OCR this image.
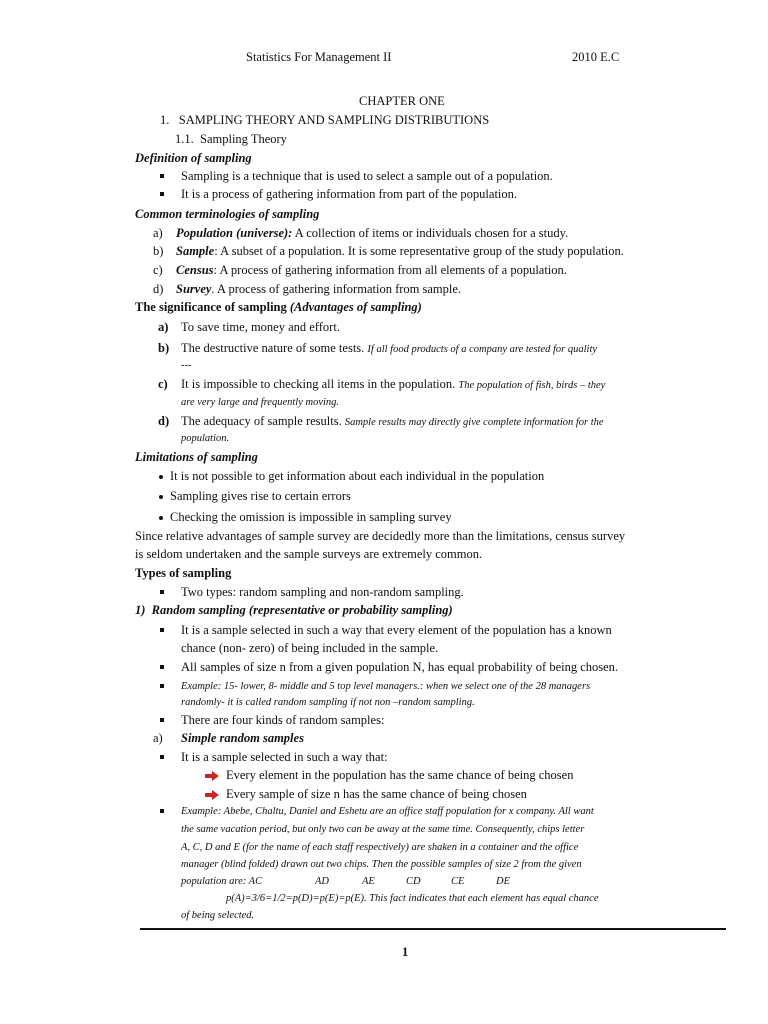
Statistics For Management II	2010 E.C
CHAPTER ONE
1.   SAMPLING THEORY AND SAMPLING DISTRIBUTIONS
1.1.  Sampling Theory
Definition of sampling
Sampling is a technique that is used to select a sample out of a population.
It is a process of gathering information from part of the population.
Common terminologies of sampling
a) Population (universe): A collection of items or individuals chosen for a study.
b) Sample: A subset of a population. It is some representative group of the study population.
c) Census: A process of gathering information from all elements of a population.
d) Survey. A process of gathering information from sample.
The significance of sampling (Advantages of sampling)
a) To save time, money and effort.
b) The destructive nature of some tests. If all food products of a company are tested for quality
---
c) It is impossible to checking all items in the population. The population of fish, birds – they
are very large and frequently moving.
d) The adequacy of sample results. Sample results may directly give complete information for the
population.
Limitations of sampling
It is not possible to get information about each individual in the population
Sampling gives rise to certain errors
Checking the omission is impossible in sampling survey
Since relative advantages of sample survey are decidedly more than the limitations, census survey
is seldom undertaken and the sample surveys are extremely common.
Types of sampling
Two types: random sampling and non-random sampling.
1)  Random sampling (representative or probability sampling)
It is a sample selected in such a way that every element of the population has a known
chance (non- zero) of being included in the sample.
All samples of size n from a given population N, has equal probability of being chosen.
Example: 15- lower, 8- middle and 5 top level managers.: when we select one of the 28 managers
randomly- it is called random sampling if not non –random sampling.
There are four kinds of random samples:
a) Simple random samples
It is a sample selected in such a way that:
Every element in the population has the same chance of being chosen
Every sample of size n has the same chance of being chosen
Example: Abebe, Chaltu, Daniel and Eshetu are an office staff population for x company. All want
the same vacation period, but only two can be away at the same time. Consequently, chips letter
A, C, D and E (for the name of each staff respectively) are shaken in a container and the office
manager (blind folded) drawn out two chips. Then the possible samples of size 2 from the given
population are: AC	AD	AE	CD	CE	DE
p(A)=3/6=1/2=p(D)=p(E)=p(E). This fact indicates that each element has equal chance
of being selected.
1
